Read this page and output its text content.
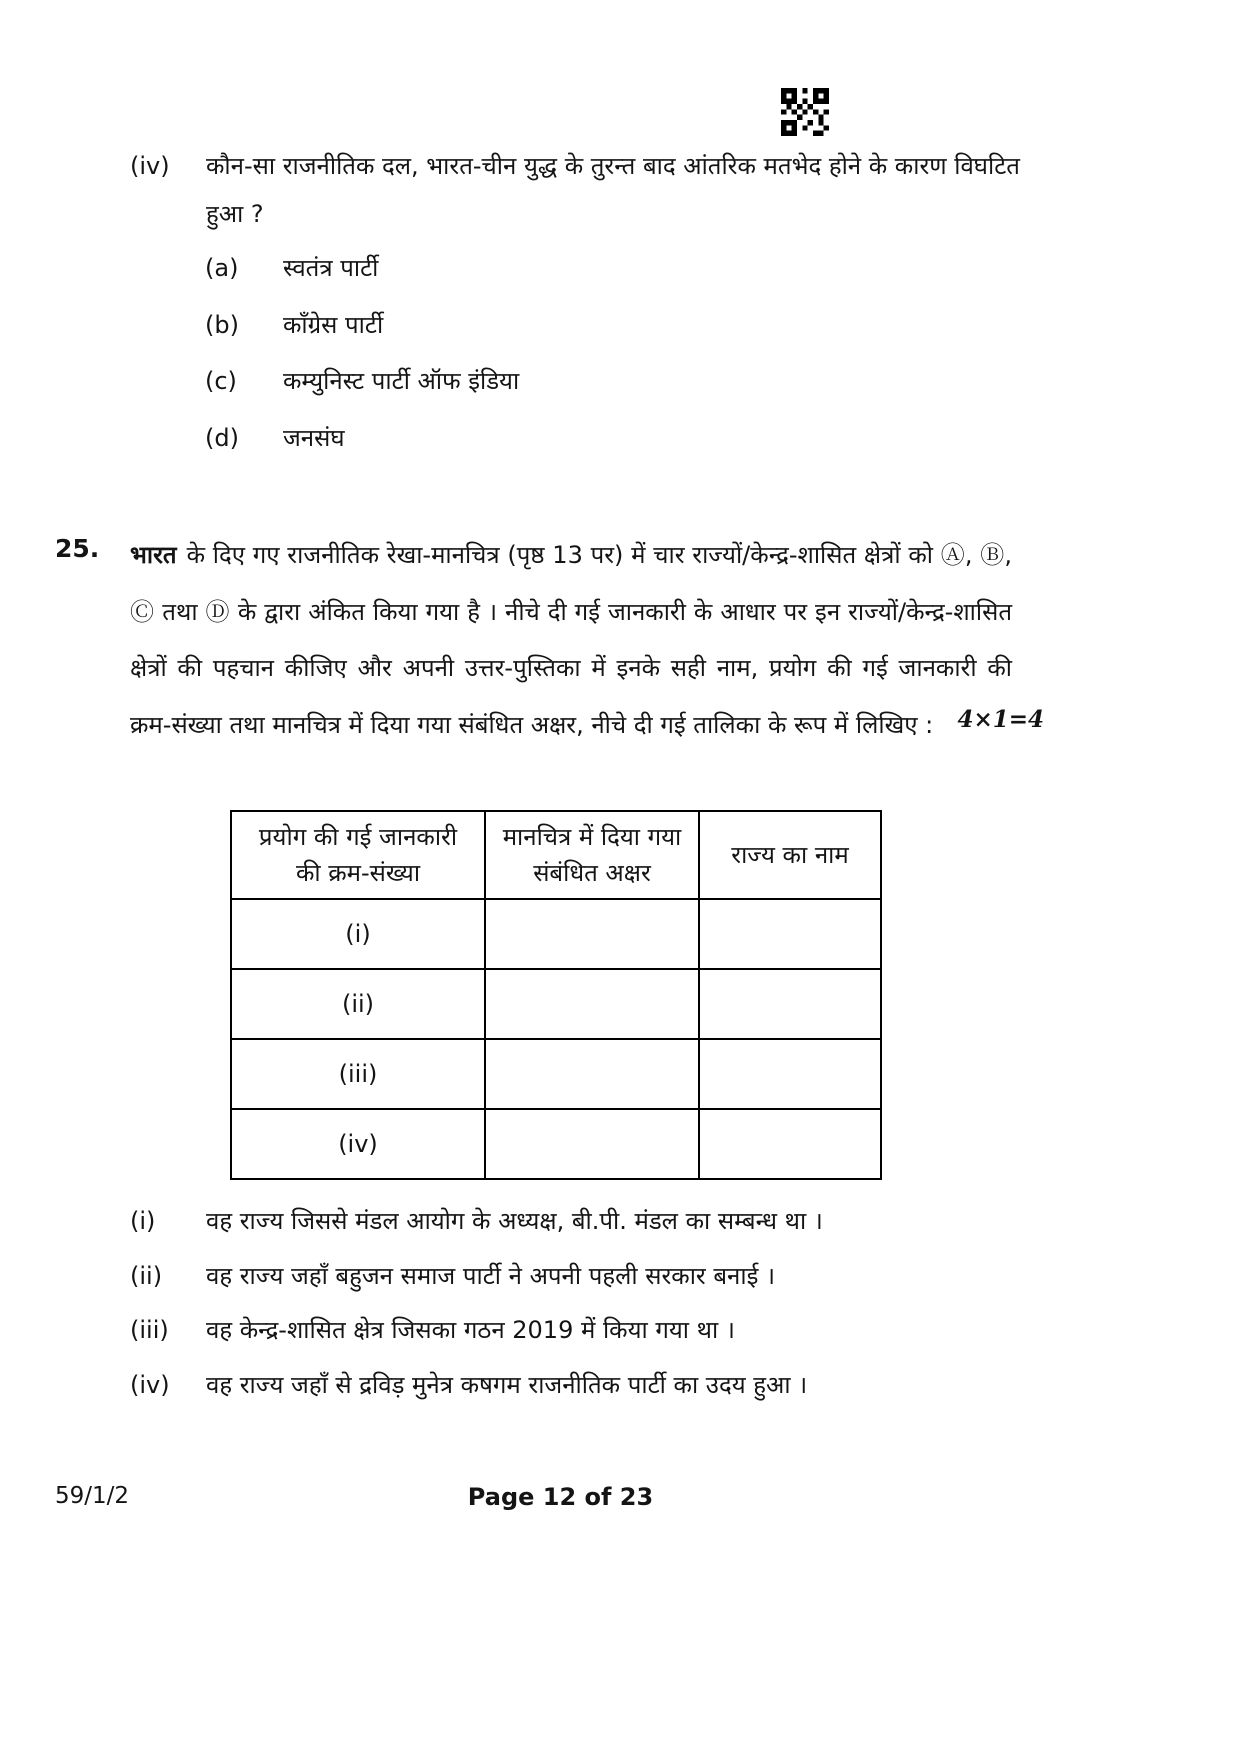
(iv)	कौन-सा राजनीतिक दल, भारत-चीन युद्ध के तुरन्त बाद आंतरिक मतभेद होने के कारण विघटित हुआ ?

(a)	स्वतंत्र पार्टी
(b)	काँग्रेस पार्टी
(c)	कम्युनिस्ट पार्टी ऑफ इंडिया
(d)	जनसंघ
25.	भारत के दिए गए राजनीतिक रेखा-मानचित्र (पृष्ठ 13 पर) में चार राज्यों/केन्द्र-शासित क्षेत्रों को Ⓐ, Ⓑ, Ⓒ तथा Ⓓ के द्वारा अंकित किया गया है । नीचे दी गई जानकारी के आधार पर इन राज्यों/केन्द्र-शासित क्षेत्रों की पहचान कीजिए और अपनी उत्तर-पुस्तिका में इनके सही नाम, प्रयोग की गई जानकारी की क्रम-संख्या तथा मानचित्र में दिया गया संबंधित अक्षर, नीचे दी गई तालिका के रूप में लिखिए : 4×1=4

प्रयोग की गई जानकारी की क्रम-संख्या	मानचित्र में दिया गया संबंधित अक्षर	राज्य का नाम
(i)		
(ii)		
(iii)		
(iv)		
(i)	वह राज्य जिससे मंडल आयोग के अध्यक्ष, बी.पी. मंडल का सम्बन्ध था ।
(ii)	वह राज्य जहाँ बहुजन समाज पार्टी ने अपनी पहली सरकार बनाई ।
(iii)	वह केन्द्र-शासित क्षेत्र जिसका गठन 2019 में किया गया था ।
(iv)	वह राज्य जहाँ से द्रविड़ मुनेत्र कषगम राजनीतिक पार्टी का उदय हुआ ।
59/1/2	Page 12 of 23
